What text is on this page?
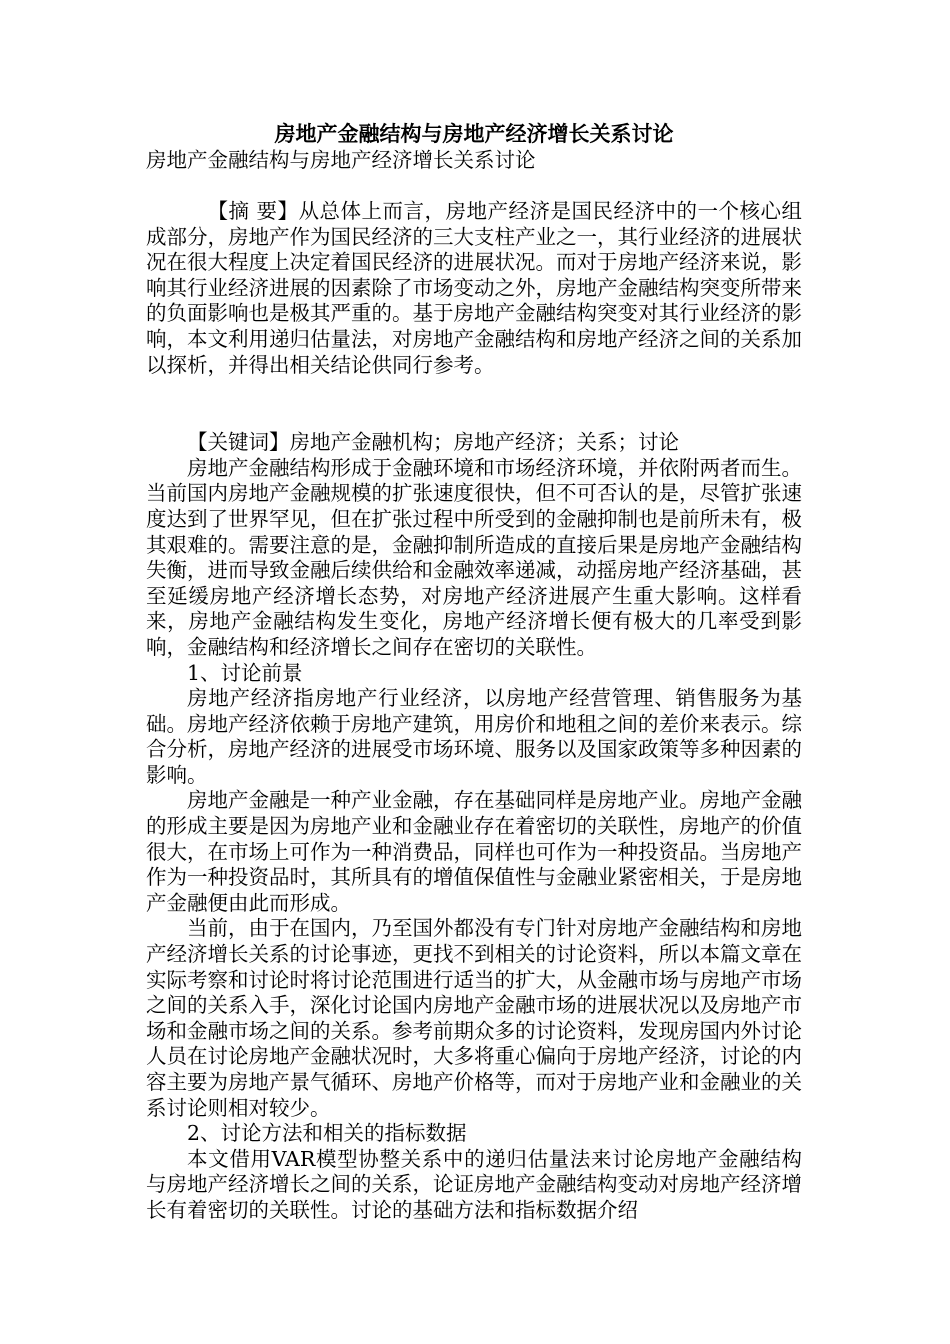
房地产金融结构与房地产经济增长关系讨论

房地产金融结构与房地产经济增长关系讨论

【摘 要】从总体上而言，房地产经济是国民经济中的一个核心组成部分，房地产作为国民经济的三大支柱产业之一，其行业经济的进展状况在很大程度上决定着国民经济的进展状况。而对于房地产经济来说，影响其行业经济进展的因素除了市场变动之外，房地产金融结构突变所带来的负面影响也是极其严重的。基于房地产金融结构突变对其行业经济的影响，本文利用递归估量法，对房地产金融结构和房地产经济之间的关系加以探析，并得出相关结论供同行参考。

【关键词】房地产金融机构；房地产经济；关系；讨论

房地产金融结构形成于金融环境和市场经济环境，并依附两者而生。当前国内房地产金融规模的扩张速度很快，但不可否认的是，尽管扩张速度达到了世界罕见，但在扩张过程中所受到的金融抑制也是前所未有，极其艰难的。需要注意的是，金融抑制所造成的直接后果是房地产金融结构失衡，进而导致金融后续供给和金融效率递减，动摇房地产经济基础，甚至延缓房地产经济增长态势，对房地产经济进展产生重大影响。这样看来，房地产金融结构发生变化，房地产经济增长便有极大的几率受到影响，金融结构和经济增长之间存在密切的关联性。

1、讨论前景

房地产经济指房地产行业经济，以房地产经营管理、销售服务为基础。房地产经济依赖于房地产建筑，用房价和地租之间的差价来表示。综合分析，房地产经济的进展受市场环境、服务以及国家政策等多种因素的影响。

房地产金融是一种产业金融，存在基础同样是房地产业。房地产金融的形成主要是因为房地产业和金融业存在着密切的关联性，房地产的价值很大，在市场上可作为一种消费品，同样也可作为一种投资品。当房地产作为一种投资品时，其所具有的增值保值性与金融业紧密相关，于是房地产金融便由此而形成。

当前，由于在国内，乃至国外都没有专门针对房地产金融结构和房地产经济增长关系的讨论事迹，更找不到相关的讨论资料，所以本篇文章在实际考察和讨论时将讨论范围进行适当的扩大，从金融市场与房地产市场之间的关系入手，深化讨论国内房地产金融市场的进展状况以及房地产市场和金融市场之间的关系。参考前期众多的讨论资料，发现房国内外讨论人员在讨论房地产金融状况时，大多将重心偏向于房地产经济，讨论的内容主要为房地产景气循环、房地产价格等，而对于房地产业和金融业的关系讨论则相对较少。

2、讨论方法和相关的指标数据

本文借用VAR模型协整关系中的递归估量法来讨论房地产金融结构与房地产经济增长之间的关系，论证房地产金融结构变动对房地产经济增长有着密切的关联性。讨论的基础方法和指标数据介绍
